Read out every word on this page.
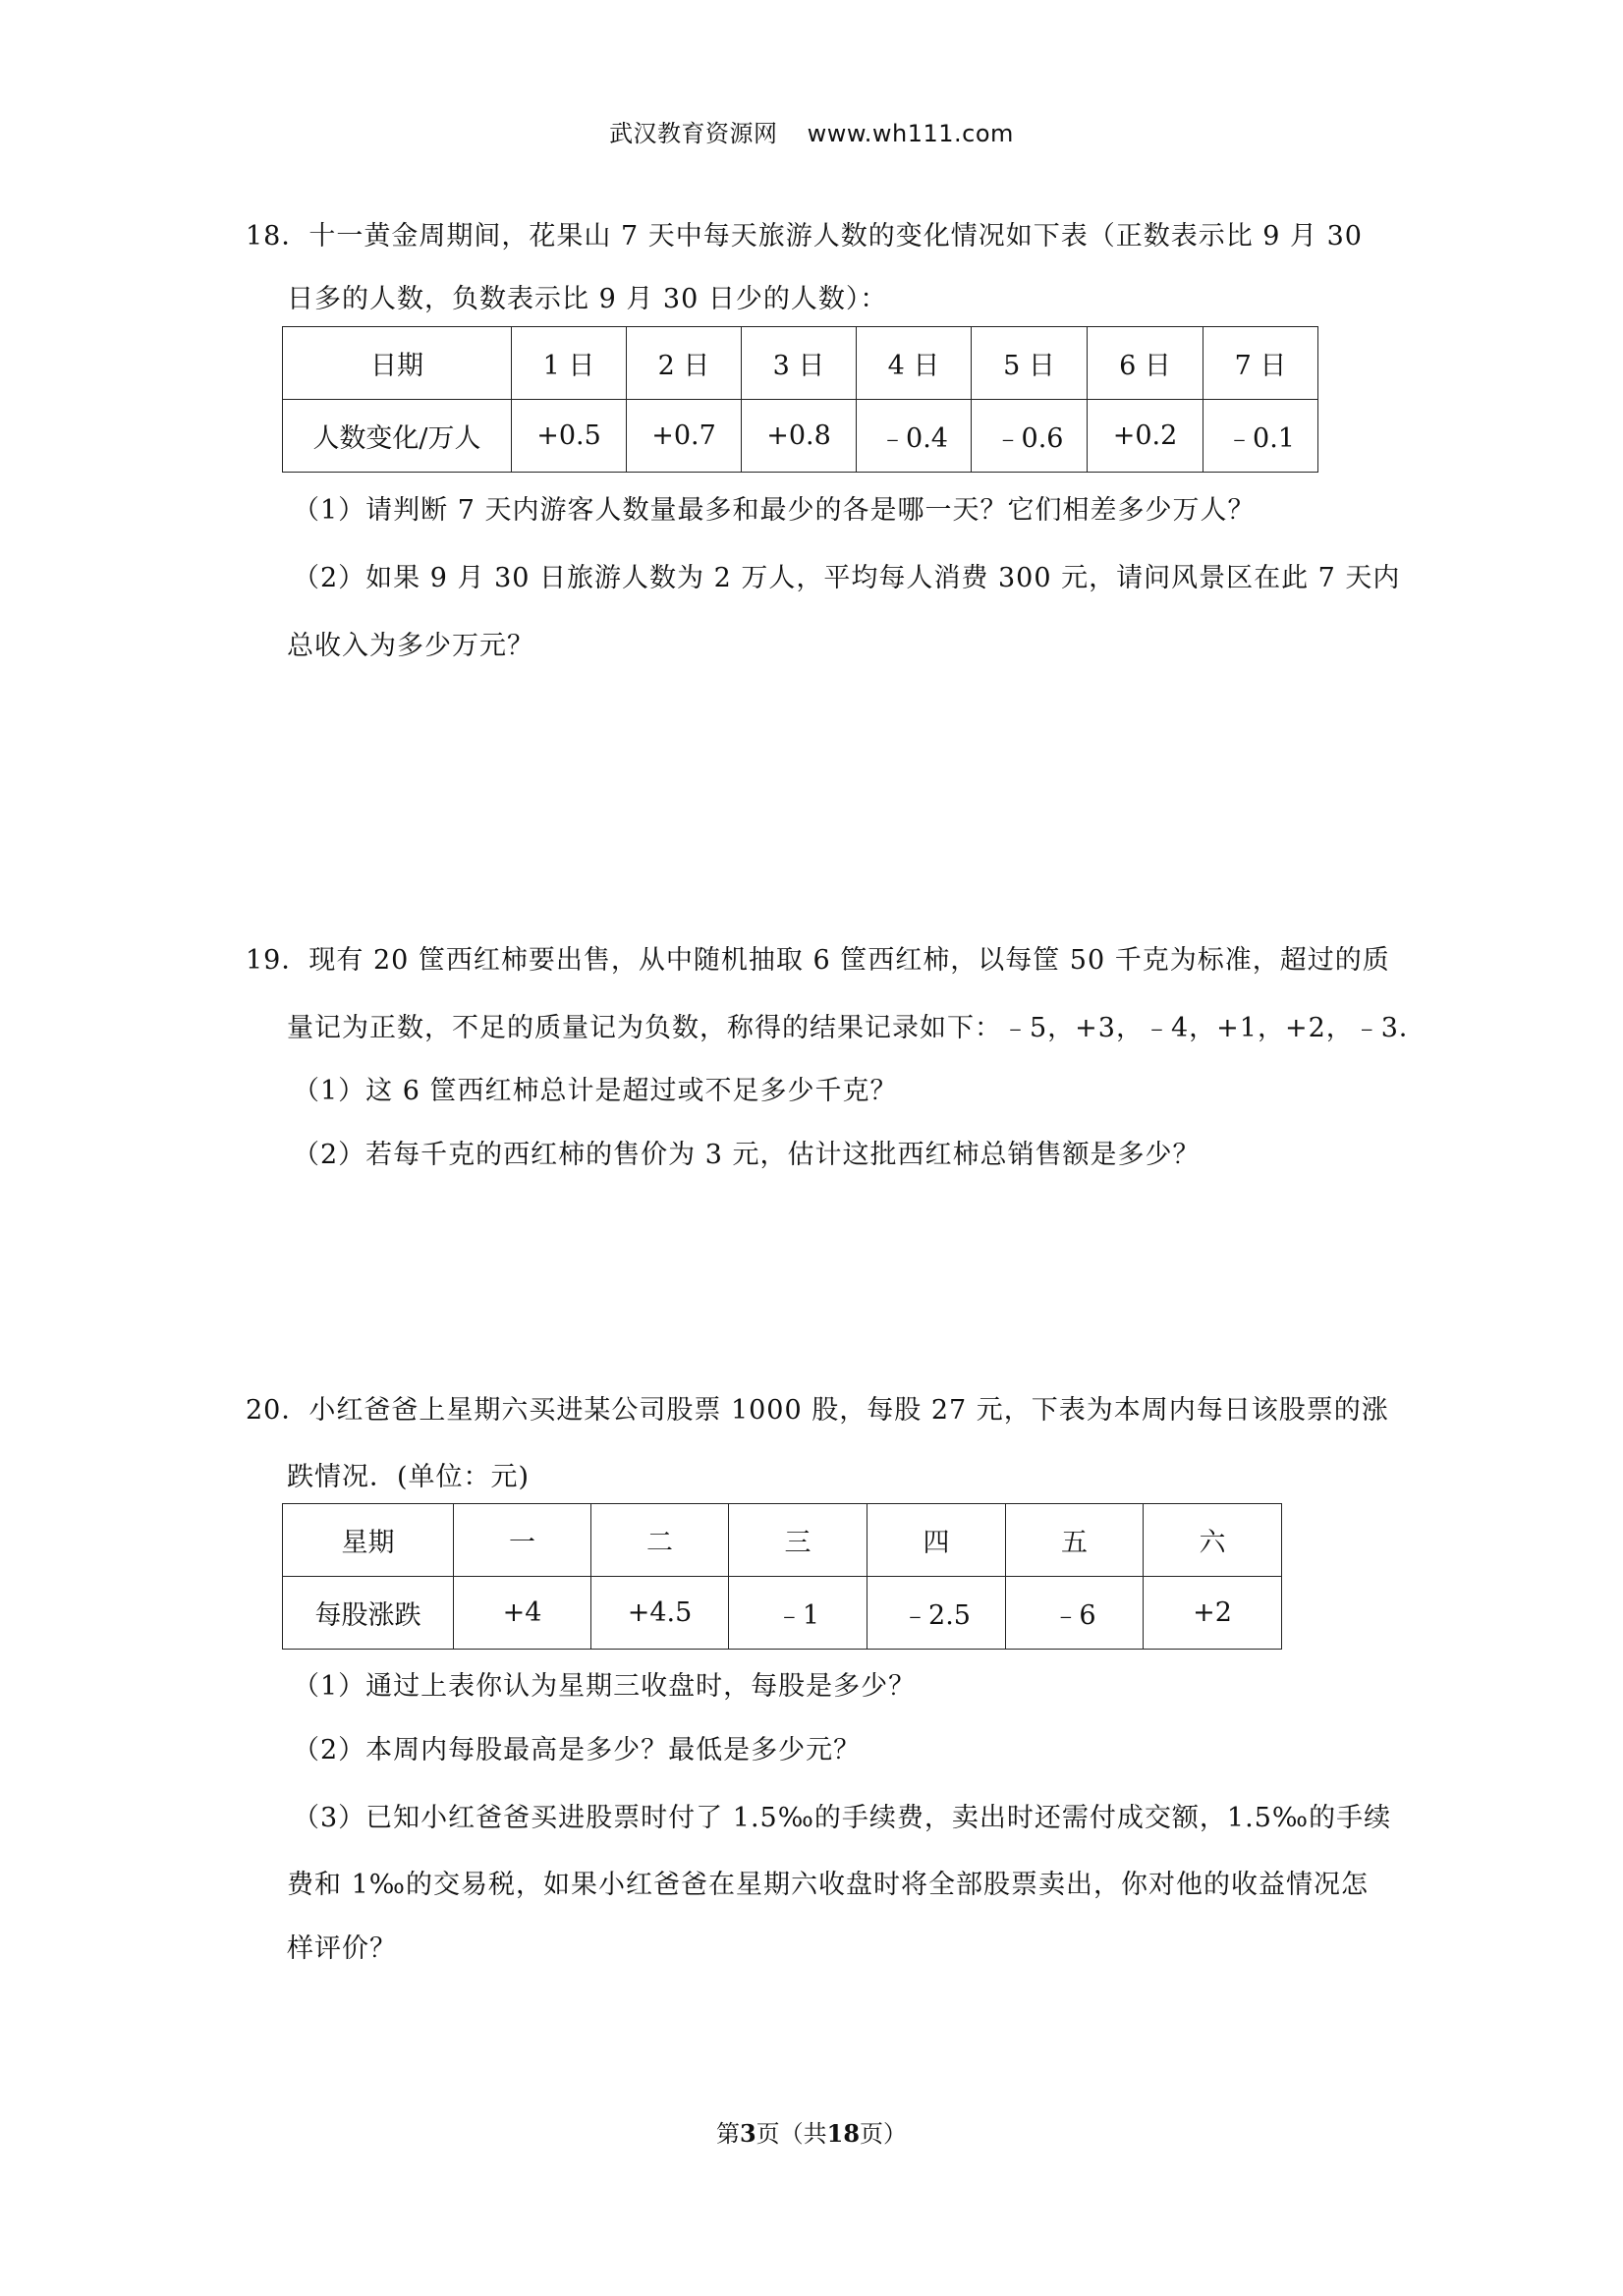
武汉教育资源网 www.wh111.com
18．十一黄金周期间，花果山 7 天中每天旅游人数的变化情况如下表（正数表示比 9 月 30
日多的人数，负数表示比 9 月 30 日少的人数）：
日期	1 日	2 日	3 日	4 日	5 日	6 日	7 日
人数变化/万人	+0.5	+0.7	+0.8	﹣0.4	﹣0.6	+0.2	﹣0.1
（1）请判断 7 天内游客人数量最多和最少的各是哪一天？它们相差多少万人？
（2）如果 9 月 30 日旅游人数为 2 万人，平均每人消费 300 元，请问风景区在此 7 天内
总收入为多少万元？
19．现有 20 筐西红柿要出售，从中随机抽取 6 筐西红柿，以每筐 50 千克为标准，超过的质
量记为正数，不足的质量记为负数，称得的结果记录如下：﹣5，+3，﹣4，+1，+2，﹣3．
（1）这 6 筐西红柿总计是超过或不足多少千克？
（2）若每千克的西红柿的售价为 3 元，估计这批西红柿总销售额是多少？
20．小红爸爸上星期六买进某公司股票 1000 股，每股 27 元，下表为本周内每日该股票的涨
跌情况．(单位：元)
星期	一	二	三	四	五	六
每股涨跌	+4	+4.5	﹣1	﹣2.5	﹣6	+2
（1）通过上表你认为星期三收盘时，每股是多少？
（2）本周内每股最高是多少？最低是多少元？
（3）已知小红爸爸买进股票时付了 1.5‰的手续费，卖出时还需付成交额，1.5‰的手续
费和 1‰的交易税，如果小红爸爸在星期六收盘时将全部股票卖出，你对他的收益情况怎
样评价？
第3页（共18页）
